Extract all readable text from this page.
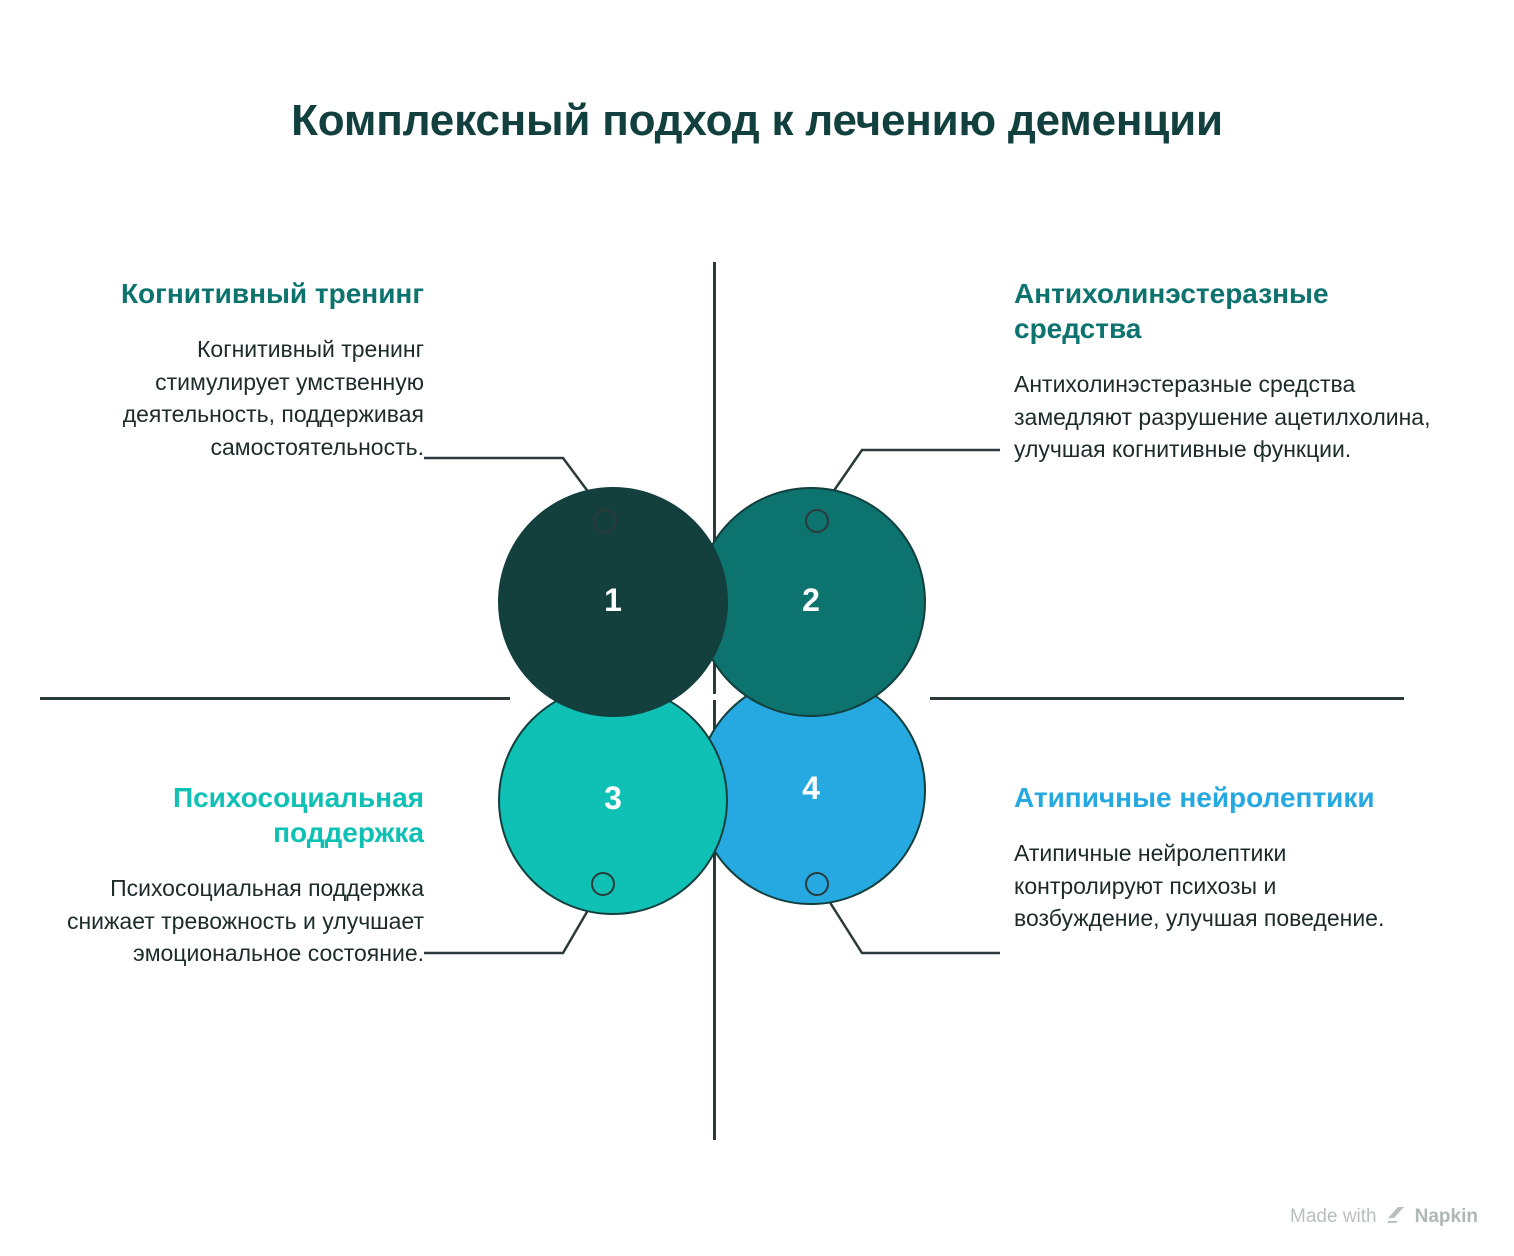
Комплексный подход к лечению деменции
1	2
3	4
Когнитивный тренинг
Когнитивный тренинг стимулирует умственную деятельность, поддерживая самостоятельность.
Антихолинэстеразные средства
Антихолинэстеразные средства замедляют разрушение ацетилхолина, улучшая когнитивные функции.
Психосоциальная поддержка
Психосоциальная поддержка снижает тревожность и улучшает эмоциональное состояние.
Атипичные нейролептики
Атипичные нейролептики контролируют психозы и возбуждение, улучшая поведение.
Made with Napkin
